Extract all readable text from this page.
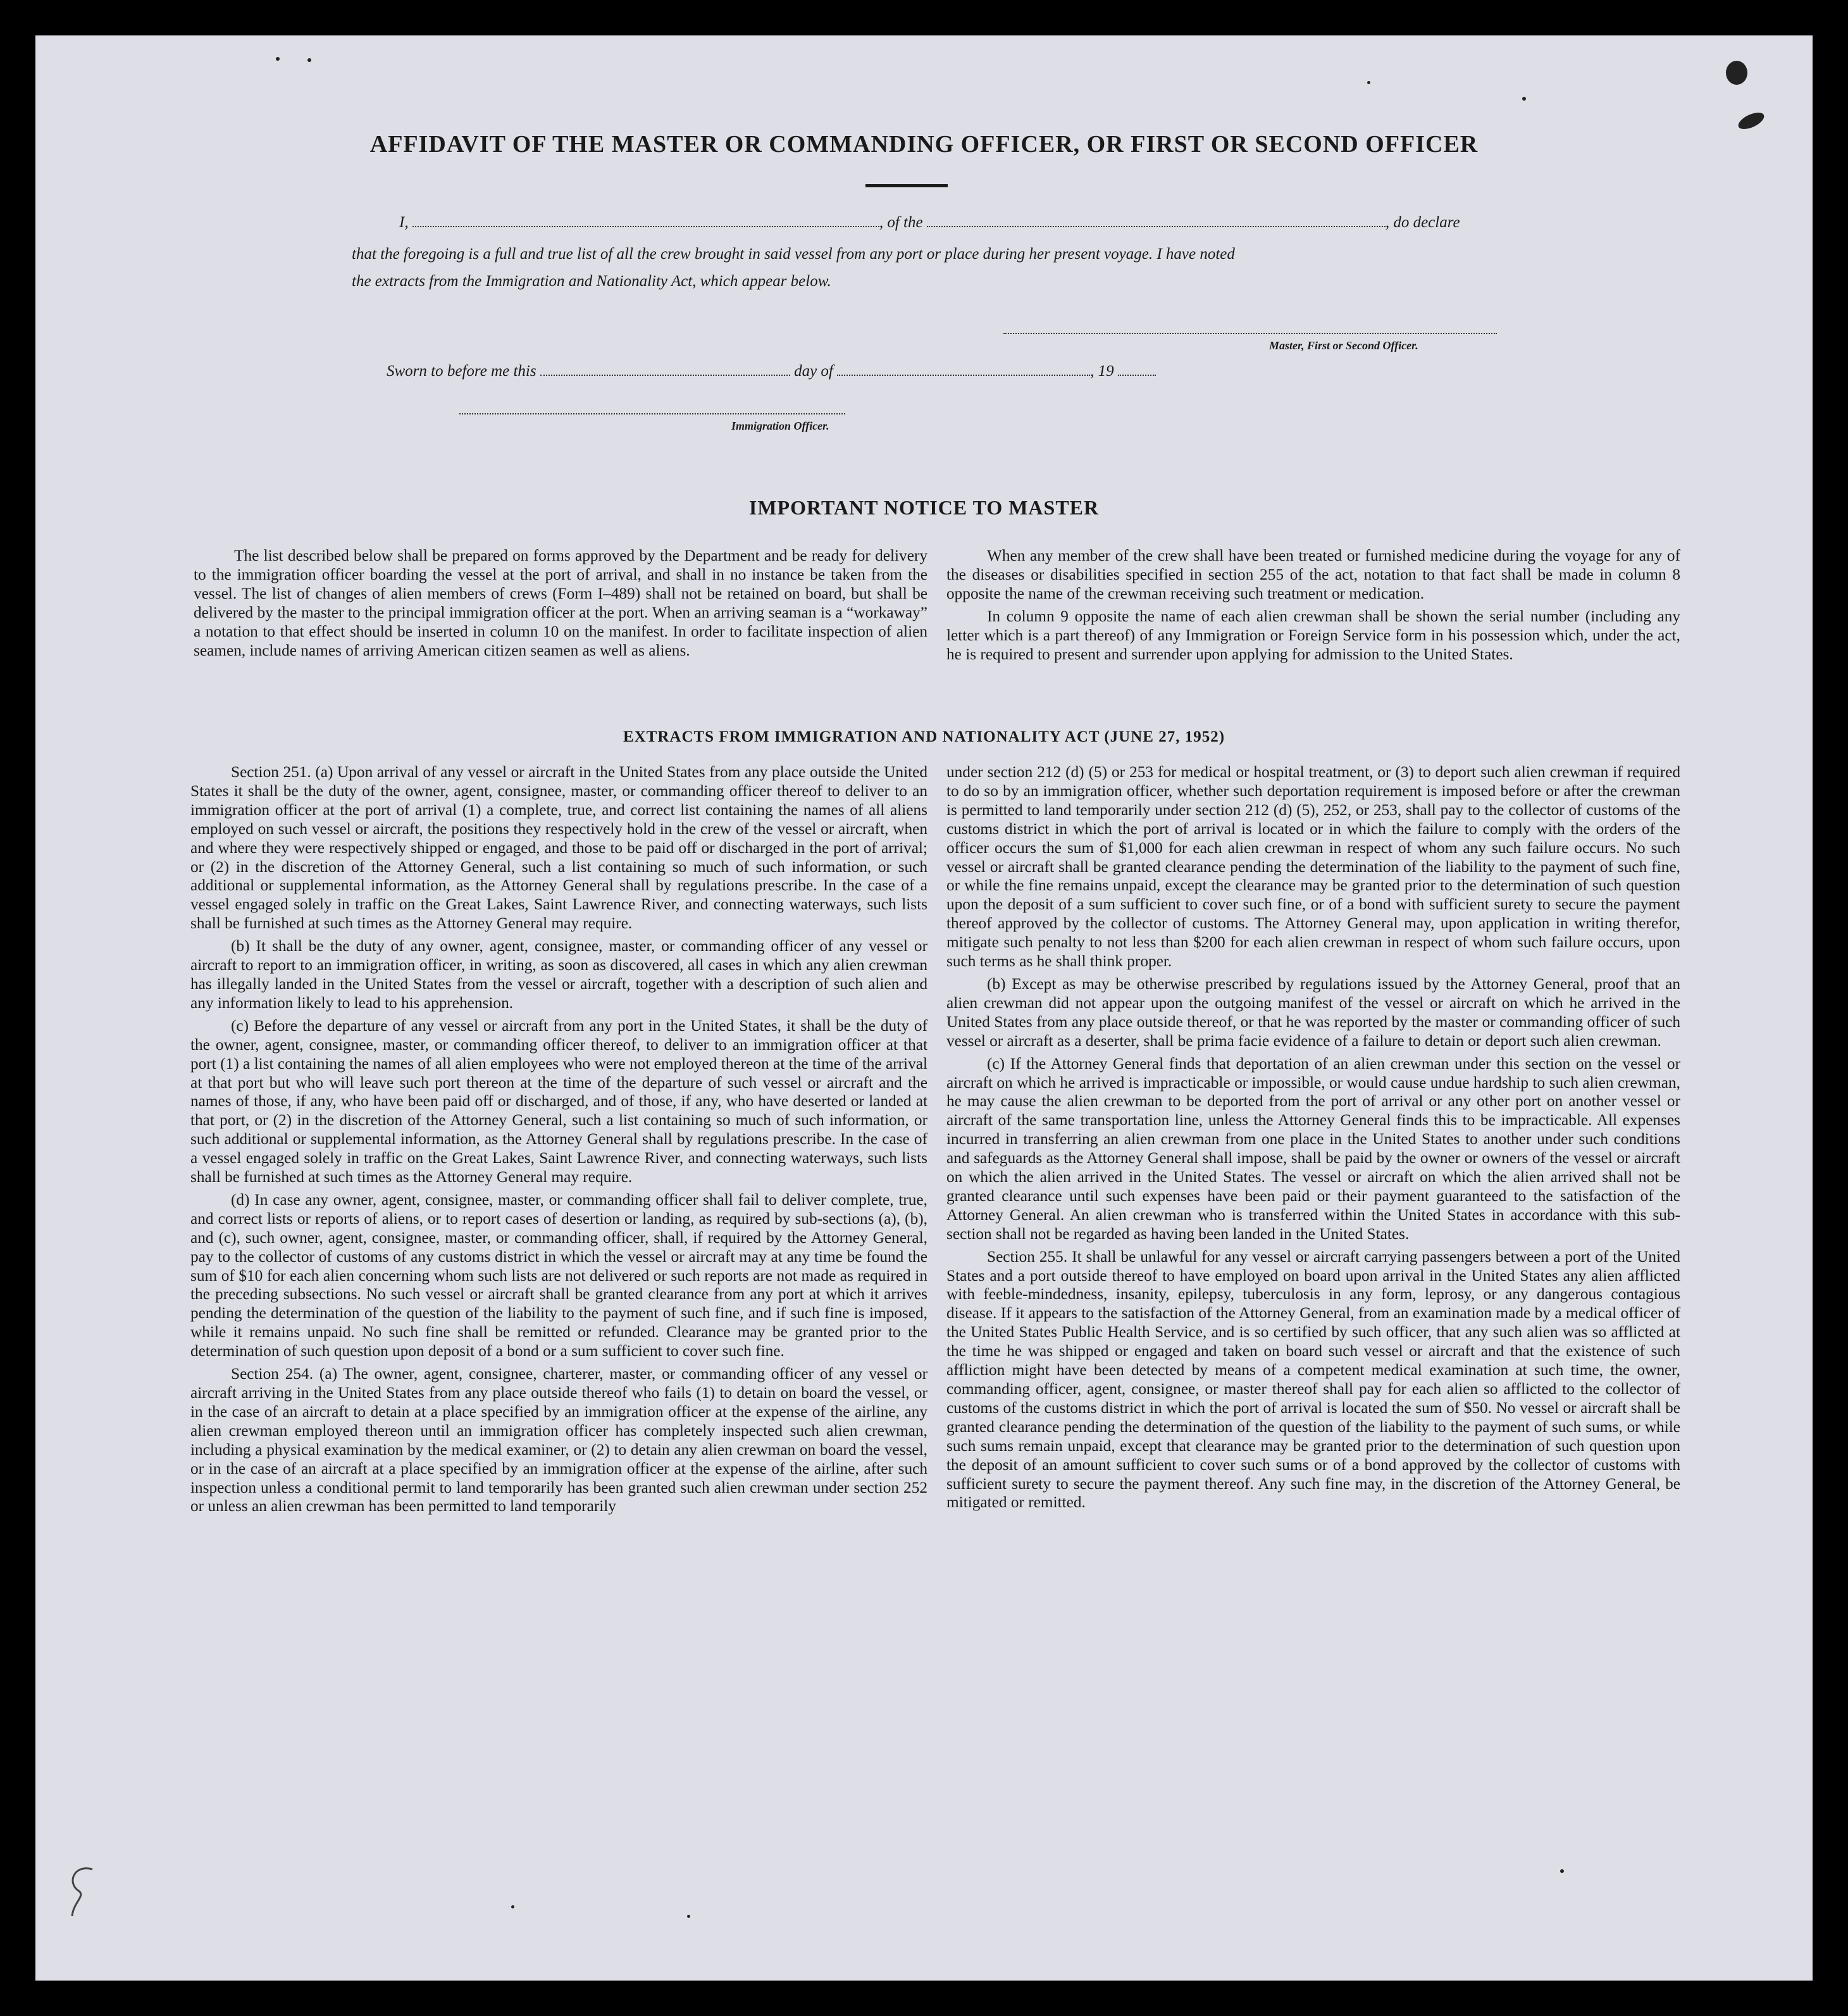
AFFIDAVIT OF THE MASTER OR COMMANDING OFFICER, OR FIRST OR SECOND OFFICER

I,	, of the	, do declare

that the foregoing is a full and true list of all the crew brought in said vessel from any port or place during her present voyage. I have noted

the extracts from the Immigration and Nationality Act, which appear below.

Master, First or Second Officer.

Sworn to before me this	day of	, 19

Immigration Officer.

IMPORTANT NOTICE TO MASTER

The list described below shall be prepared on forms approved by the Department and be ready for delivery to the immigration officer boarding the vessel at the port of arrival, and shall in no instance be taken from the vessel. The list of changes of alien members of crews (Form I–489) shall not be retained on board, but shall be delivered by the master to the principal immigration officer at the port. When an arriving seaman is a “workaway” a notation to that effect should be inserted in column 10 on the manifest. In order to facilitate inspection of alien seamen, include names of arriving American citizen seamen as well as aliens.

When any member of the crew shall have been treated or furnished medicine during the voyage for any of the diseases or disabilities specified in section 255 of the act, notation to that fact shall be made in column 8 opposite the name of the crewman receiving such treatment or medication.

In column 9 opposite the name of each alien crewman shall be shown the serial number (including any letter which is a part thereof) of any Immigration or Foreign Service form in his possession which, under the act, he is required to present and surrender upon applying for admission to the United States.

EXTRACTS FROM IMMIGRATION AND NATIONALITY ACT (JUNE 27, 1952)

Section 251. (a) Upon arrival of any vessel or aircraft in the United States from any place outside the United States it shall be the duty of the owner, agent, consignee, master, or commanding officer thereof to deliver to an immigration officer at the port of arrival (1) a complete, true, and correct list containing the names of all aliens employed on such vessel or aircraft, the positions they respectively hold in the crew of the vessel or aircraft, when and where they were respectively shipped or engaged, and those to be paid off or discharged in the port of arrival; or (2) in the discretion of the Attorney General, such a list containing so much of such information, or such additional or supplemental information, as the Attorney General shall by regulations prescribe. In the case of a vessel engaged solely in traffic on the Great Lakes, Saint Lawrence River, and connecting waterways, such lists shall be furnished at such times as the Attorney General may require.

(b) It shall be the duty of any owner, agent, consignee, master, or commanding officer of any vessel or aircraft to report to an immigration officer, in writing, as soon as discovered, all cases in which any alien crewman has illegally landed in the United States from the vessel or aircraft, together with a description of such alien and any information likely to lead to his apprehension.

(c) Before the departure of any vessel or aircraft from any port in the United States, it shall be the duty of the owner, agent, consignee, master, or commanding officer thereof, to deliver to an immigration officer at that port (1) a list containing the names of all alien employees who were not employed thereon at the time of the arrival at that port but who will leave such port thereon at the time of the departure of such vessel or aircraft and the names of those, if any, who have been paid off or discharged, and of those, if any, who have deserted or landed at that port, or (2) in the discretion of the Attorney General, such a list containing so much of such information, or such additional or supplemental information, as the Attorney General shall by regulations prescribe. In the case of a vessel engaged solely in traffic on the Great Lakes, Saint Lawrence River, and connecting waterways, such lists shall be furnished at such times as the Attorney General may require.

(d) In case any owner, agent, consignee, master, or commanding officer shall fail to deliver complete, true, and correct lists or reports of aliens, or to report cases of desertion or landing, as required by sub-sections (a), (b), and (c), such owner, agent, consignee, master, or commanding officer, shall, if required by the Attorney General, pay to the collector of customs of any customs district in which the vessel or aircraft may at any time be found the sum of $10 for each alien concerning whom such lists are not delivered or such reports are not made as required in the preceding subsections. No such vessel or aircraft shall be granted clearance from any port at which it arrives pending the determination of the question of the liability to the payment of such fine, and if such fine is imposed, while it remains unpaid. No such fine shall be remitted or refunded. Clearance may be granted prior to the determination of such question upon deposit of a bond or a sum sufficient to cover such fine.

Section 254. (a) The owner, agent, consignee, charterer, master, or commanding officer of any vessel or aircraft arriving in the United States from any place outside thereof who fails (1) to detain on board the vessel, or in the case of an aircraft to detain at a place specified by an immigration officer at the expense of the airline, any alien crewman employed thereon until an immigration officer has completely inspected such alien crewman, including a physical examination by the medical examiner, or (2) to detain any alien crewman on board the vessel, or in the case of an aircraft at a place specified by an immigration officer at the expense of the airline, after such inspection unless a conditional permit to land temporarily has been granted such alien crewman under section 252 or unless an alien crewman has been permitted to land temporarily

under section 212 (d) (5) or 253 for medical or hospital treatment, or (3) to deport such alien crewman if required to do so by an immigration officer, whether such deportation requirement is imposed before or after the crewman is permitted to land temporarily under section 212 (d) (5), 252, or 253, shall pay to the collector of customs of the customs district in which the port of arrival is located or in which the failure to comply with the orders of the officer occurs the sum of $1,000 for each alien crewman in respect of whom any such failure occurs. No such vessel or aircraft shall be granted clearance pending the determination of the liability to the payment of such fine, or while the fine remains unpaid, except the clearance may be granted prior to the determination of such question upon the deposit of a sum sufficient to cover such fine, or of a bond with sufficient surety to secure the payment thereof approved by the collector of customs. The Attorney General may, upon application in writing therefor, mitigate such penalty to not less than $200 for each alien crewman in respect of whom such failure occurs, upon such terms as he shall think proper.

(b) Except as may be otherwise prescribed by regulations issued by the Attorney General, proof that an alien crewman did not appear upon the outgoing manifest of the vessel or aircraft on which he arrived in the United States from any place outside thereof, or that he was reported by the master or commanding officer of such vessel or aircraft as a deserter, shall be prima facie evidence of a failure to detain or deport such alien crewman.

(c) If the Attorney General finds that deportation of an alien crewman under this section on the vessel or aircraft on which he arrived is impracticable or impossible, or would cause undue hardship to such alien crewman, he may cause the alien crewman to be deported from the port of arrival or any other port on another vessel or aircraft of the same transportation line, unless the Attorney General finds this to be impracticable. All expenses incurred in transferring an alien crewman from one place in the United States to another under such conditions and safeguards as the Attorney General shall impose, shall be paid by the owner or owners of the vessel or aircraft on which the alien arrived in the United States. The vessel or aircraft on which the alien arrived shall not be granted clearance until such expenses have been paid or their payment guaranteed to the satisfaction of the Attorney General. An alien crewman who is transferred within the United States in accordance with this sub-section shall not be regarded as having been landed in the United States.

Section 255. It shall be unlawful for any vessel or aircraft carrying passengers between a port of the United States and a port outside thereof to have employed on board upon arrival in the United States any alien afflicted with feeble-mindedness, insanity, epilepsy, tuberculosis in any form, leprosy, or any dangerous contagious disease. If it appears to the satisfaction of the Attorney General, from an examination made by a medical officer of the United States Public Health Service, and is so certified by such officer, that any such alien was so afflicted at the time he was shipped or engaged and taken on board such vessel or aircraft and that the existence of such affliction might have been detected by means of a competent medical examination at such time, the owner, commanding officer, agent, consignee, or master thereof shall pay for each alien so afflicted to the collector of customs of the customs district in which the port of arrival is located the sum of $50. No vessel or aircraft shall be granted clearance pending the determination of the question of the liability to the payment of such sums, or while such sums remain unpaid, except that clearance may be granted prior to the determination of such question upon the deposit of an amount sufficient to cover such sums or of a bond approved by the collector of customs with sufficient surety to secure the payment thereof. Any such fine may, in the discretion of the Attorney General, be mitigated or remitted.
